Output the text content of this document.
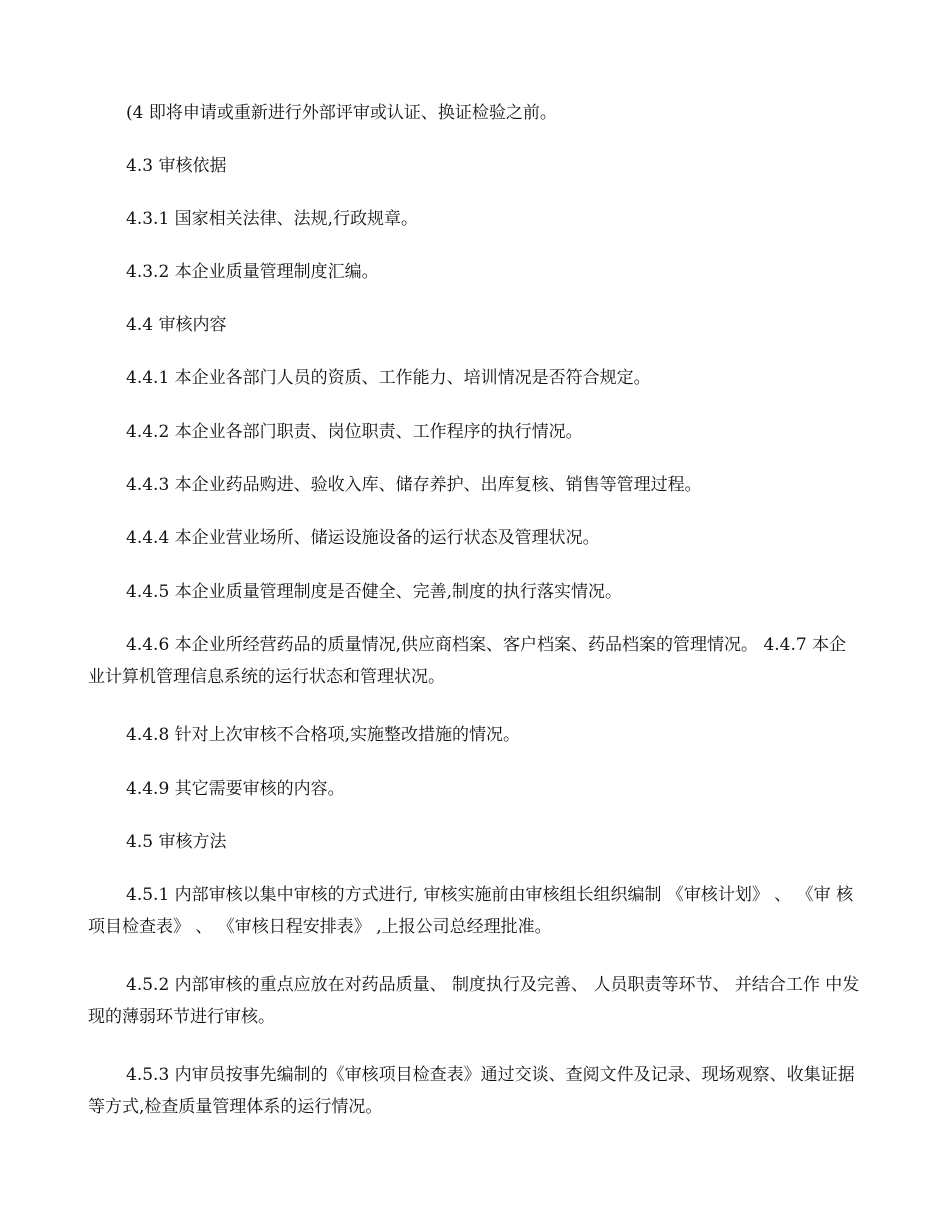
(4 即将申请或重新进行外部评审或认证、换证检验之前。

4.3 审核依据

4.3.1 国家相关法律、法规,行政规章。

4.3.2 本企业质量管理制度汇编。

4.4 审核内容

4.4.1 本企业各部门人员的资质、工作能力、培训情况是否符合规定。

4.4.2 本企业各部门职责、岗位职责、工作程序的执行情况。

4.4.3 本企业药品购进、验收入库、储存养护、出库复核、销售等管理过程。

4.4.4 本企业营业场所、储运设施设备的运行状态及管理状况。

4.4.5 本企业质量管理制度是否健全、完善,制度的执行落实情况。

4.4.6 本企业所经营药品的质量情况,供应商档案、客户档案、药品档案的管理情况。 4.4.7 本企业计算机管理信息系统的运行状态和管理状况。

4.4.8 针对上次审核不合格项,实施整改措施的情况。

4.4.9 其它需要审核的内容。

4.5 审核方法

4.5.1 内部审核以集中审核的方式进行, 审核实施前由审核组长组织编制 《审核计划》 、 《审 核项目检查表》 、 《审核日程安排表》 ,上报公司总经理批准。

4.5.2 内部审核的重点应放在对药品质量、 制度执行及完善、 人员职责等环节、 并结合工作 中发现的薄弱环节进行审核。

4.5.3 内审员按事先编制的《审核项目检查表》通过交谈、查阅文件及记录、现场观察、收集证据等方式,检查质量管理体系的运行情况。
